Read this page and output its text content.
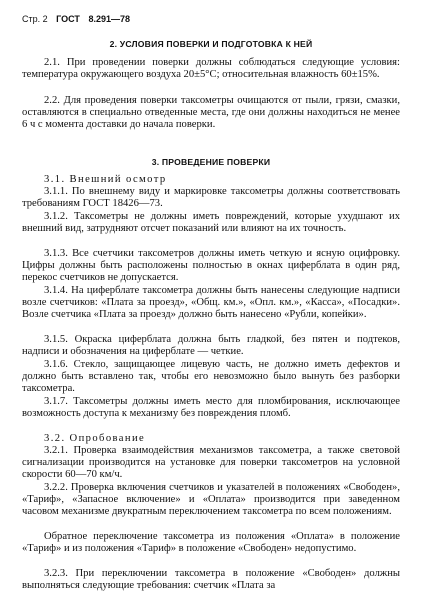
Стр. 2 ГОСТ 8.291—78
2. УСЛОВИЯ ПОВЕРКИ И ПОДГОТОВКА К НЕЙ
2.1. При проведении поверки должны соблюдаться следующие условия: температура окружающего воздуха 20±5°С; относительная влажность 60±15%.
2.2. Для проведения поверки таксометры очищаются от пыли, грязи, смазки, оставляются в специально отведенные места, где они должны находиться не менее 6 ч с момента доставки до начала поверки.
3. ПРОВЕДЕНИЕ ПОВЕРКИ
3.1. Внешний осмотр
3.1.1. По внешнему виду и маркировке таксометры должны соответствовать требованиям ГОСТ 18426—73.
3.1.2. Таксометры не должны иметь повреждений, которые ухудшают их внешний вид, затрудняют отсчет показаний или влияют на их точность.
3.1.3. Все счетчики таксометров должны иметь четкую и ясную оцифровку. Цифры должны быть расположены полностью в окнах циферблата в один ряд, перекос счетчиков не допускается.
3.1.4. На циферблате таксометра должны быть нанесены следующие надписи возле счетчиков: «Плата за проезд», «Общ. км.», «Опл. км.», «Касса», «Посадки». Возле счетчика «Плата за проезд» должно быть нанесено «Рубли, копейки».
3.1.5. Окраска циферблата должна быть гладкой, без пятен и подтеков, надписи и обозначения на циферблате — четкие.
3.1.6. Стекло, защищающее лицевую часть, не должно иметь дефектов и должно быть вставлено так, чтобы его невозможно было вынуть без разборки таксометра.
3.1.7. Таксометры должны иметь место для пломбирования, исключающее возможность доступа к механизму без повреждения пломб.
3.2. Опробование
3.2.1. Проверка взаимодействия механизмов таксометра, а также световой сигнализации производится на установке для поверки таксометров на условной скорости 60—70 км/ч.
3.2.2. Проверка включения счетчиков и указателей в положениях «Свободен», «Тариф», «Запасное включение» и «Оплата» производится при заведенном часовом механизме двукратным переключением таксометра по всем положениям.
Обратное переключение таксометра из положения «Оплата» в положение «Тариф» и из положения «Тариф» в положение «Свободен» недопустимо.
3.2.3. При переключении таксометра в положение «Свободен» должны выполняться следующие требования: счетчик «Плата за
